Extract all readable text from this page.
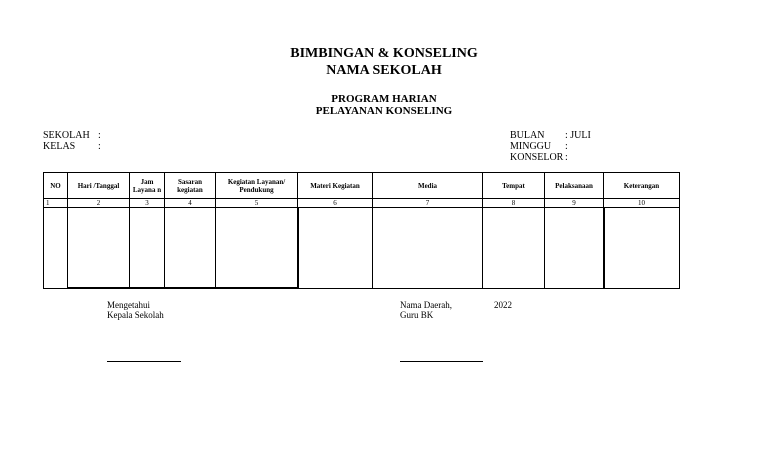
BIMBINGAN & KONSELING
NAMA SEKOLAH
PROGRAM HARIAN
PELAYANAN KONSELING
SEKOLAH :
KELAS :
BULAN : JULI
MINGGU :
KONSELOR :
NO	Hari /Tanggal	Jam Layana n	Sasaran kegiatan	Kegiatan Layanan/ Pendukung	Materi Kegiatan	Media	Tempat	Pelaksanaan	Keterangan
1	2	3	4	5	6	7	8	9	10

Mengetahui
Kepala Sekolah
Nama Daerah,	2022
Guru BK
